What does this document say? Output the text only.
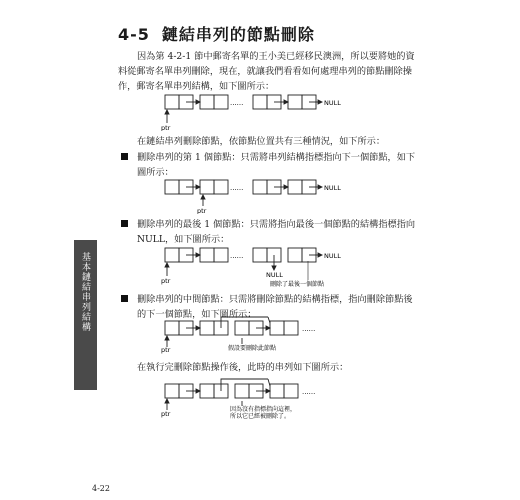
4-5 鏈結串列的節點刪除
因為第 4-2-1 節中郵寄名單的王小美已經移民澳洲，所以要將她的資
料從郵寄名單串列刪除，現在，就讓我們看看如何處理串列的節點刪除操
作，郵寄名單串列結構，如下圖所示：
......	NULL
ptr
在鏈結串列刪除節點，依節點位置共有三種情況，如下所示：
刪除串列的第 1 個節點：只需將串列結構指標指向下一個節點，如下
圖所示：
......	NULL
ptr
刪除串列的最後 1 個節點：只需將指向最後一個節點的結構指標指向
NULL，如下圖所示：
......	NULL
NULL
刪除了最後一個節點
ptr
刪除串列的中間節點：只需將刪除節點的結構指標，指向刪除節點後
的下一個節點，如下圖所示：
......
ptr	假設要刪除此節點
在執行完刪除節點操作後，此時的串列如下圖所示：
......
ptr
因為沒有指標指向這裡，
所以它已經被刪除了。
基本鏈結串列結構
4-22
